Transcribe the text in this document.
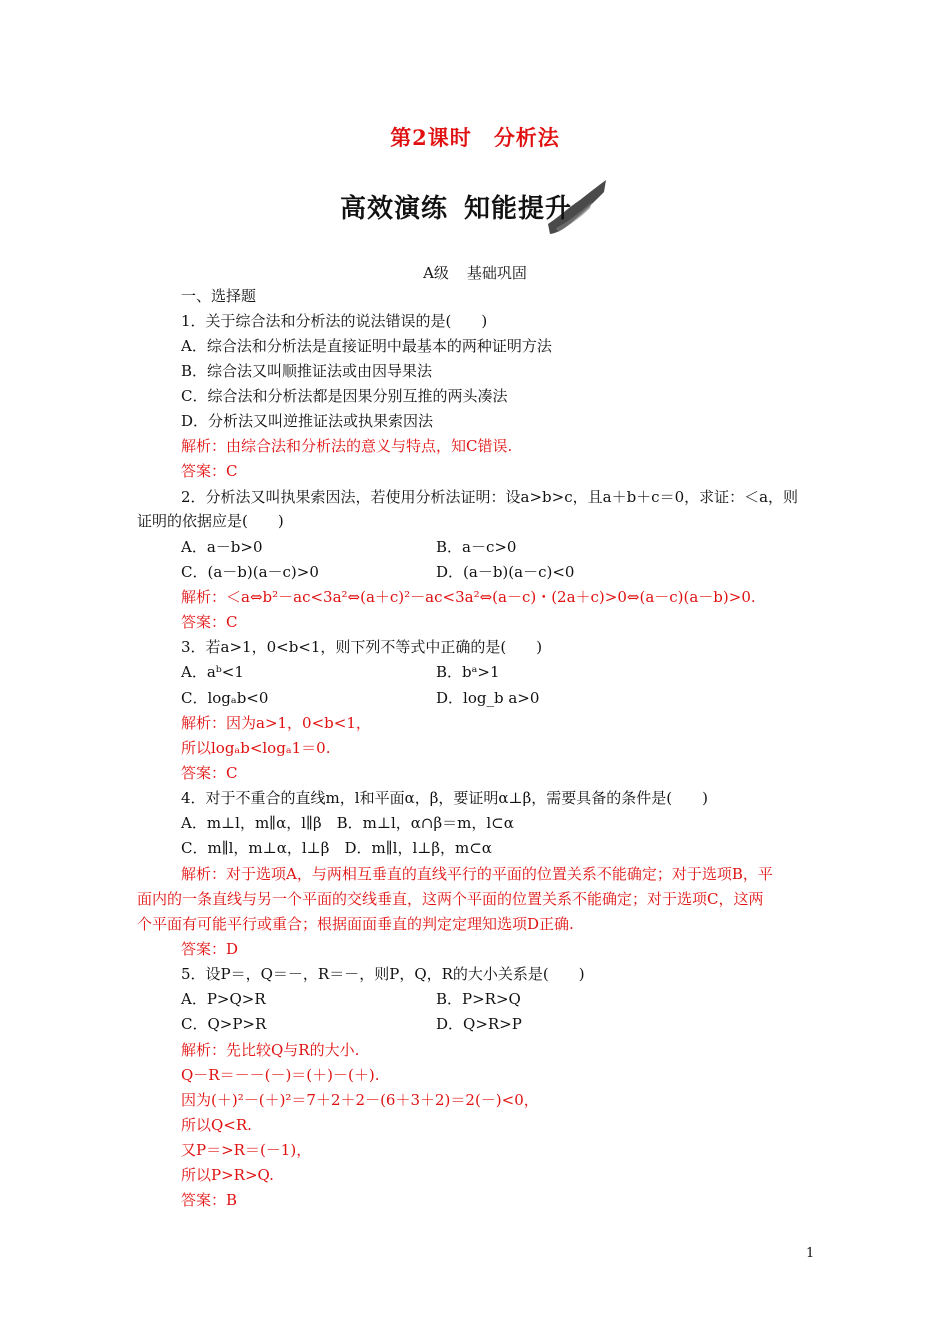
第2课时 分析法
高效演练 知能提升
A级 基础巩固
一、选择题
1．关于综合法和分析法的说法错误的是(　　)
A．综合法和分析法是直接证明中最基本的两种证明方法
B．综合法又叫顺推证法或由因导果法
C．综合法和分析法都是因果分别互推的两头凑法
D．分析法又叫逆推证法或执果索因法
解析：由综合法和分析法的意义与特点，知C错误.
答案：C
2．分析法又叫执果索因法，若使用分析法证明：设a>b>c，且a＋b＋c＝0，求证：＜a，则
证明的依据应是(　　)
A．a－b>0	B．a－c>0
C．(a－b)(a－c)>0	D．(a－b)(a－c)<0
解析：＜a⇔b²－ac<3a²⇔(a＋c)²－ac<3a²⇔(a－c)・(2a＋c)>0⇔(a－c)(a－b)>0.
答案：C
3．若a>1，0<b<1，则下列不等式中正确的是(　　)
A．aᵇ<1	B．bᵃ>1
C．logₐb<0	D．log_b a>0
解析：因为a>1，0<b<1，
所以logₐb<logₐ1＝0.
答案：C
4．对于不重合的直线m，l和平面α，β，要证明α⊥β，需要具备的条件是(　　)
A．m⊥l，m∥α，l∥β　B．m⊥l，α∩β＝m，l⊂α
C．m∥l，m⊥α，l⊥β　D．m∥l，l⊥β，m⊂α
解析：对于选项A，与两相互垂直的直线平行的平面的位置关系不能确定；对于选项B，平
面内的一条直线与另一个平面的交线垂直，这两个平面的位置关系不能确定；对于选项C，这两
个平面有可能平行或重合；根据面面垂直的判定定理知选项D正确.
答案：D
5．设P＝，Q＝－，R＝－，则P，Q，R的大小关系是(　　)
A．P>Q>R	B．P>R>Q
C．Q>P>R	D．Q>R>P
解析：先比较Q与R的大小.
Q－R＝－－(－)＝(＋)－(＋).
因为(＋)²－(＋)²＝7＋2＋2－(6＋3＋2)＝2(－)<0，
所以Q<R.
又P＝>R＝(－1)，
所以P>R>Q.
答案：B
1
